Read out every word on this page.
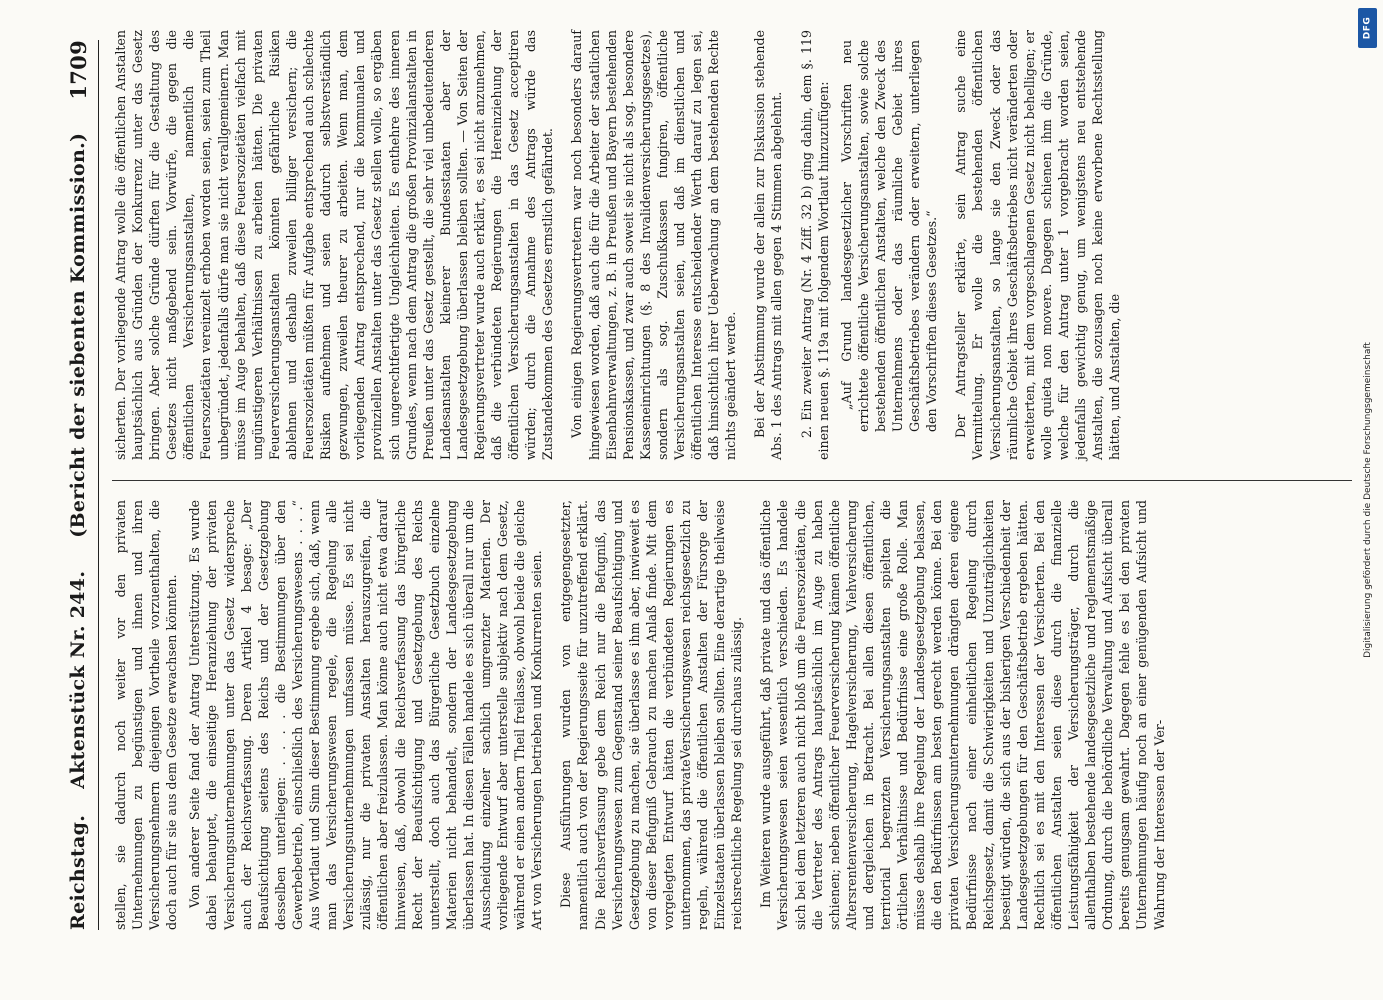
Reichstag.Aktenstück Nr. 244.
(Bericht der siebenten Kommission.)
1709

stellen, sie dadurch noch weiter vor den privaten Unternehmungen zu begünstigen und ihnen und ihren Versicherungsnehmern diejenigen Vortheile vorzuenthalten, die doch auch für sie aus dem Gesetze erwachsen könnten. Von anderer Seite fand der Antrag Unterstützung. Es wurde dabei behauptet, die einseitige Heranziehung der privaten Versicherungsunternehmungen unter das Gesetz widerspreche auch der Reichsverfassung. Deren Artikel 4 besage: „Der Beaufsichtigung seitens des Reichs und der Gesetzgebung desselben unterliegen: . . . . die Bestimmungen über den Gewerbebetrieb, einschließlich des Versicherungswesens . . . .“ Aus Wortlaut und Sinn dieser Bestimmung ergebe sich, daß, wenn man das Versicherungswesen regele, die Regelung alle Versicherungsunternehmungen umfassen müsse. Es sei nicht zulässig, nur die privaten Anstalten herauszugreifen, die öffentlichen aber freizulassen. Man könne auch nicht etwa darauf hinweisen, daß, obwohl die Reichsverfassung das bürgerliche Recht der Beaufsichtigung und Gesetzgebung des Reichs unterstellt, doch auch das Bürgerliche Gesetzbuch einzelne Materien nicht behandelt, sondern der Landesgesetzgebung überlassen hat. In diesen Fällen handele es sich überall nur um die Ausscheidung einzelner sachlich umgrenzter Materien. Der vorliegende Entwurf aber unterstelle subjektiv nach dem Gesetz, während er einen andern Theil freilasse, obwohl beide die gleiche Art von Versicherungen betrieben und Konkurrenten seien. Diese Ausführungen wurden von entgegengesetzter, namentlich auch von der Regierungsseite für unzutreffend erklärt. Die Reichsverfassung gebe dem Reich nur die Befugniß, das Versicherungswesen zum Gegenstand seiner Beaufsichtigung und Gesetzgebung zu machen, sie überlasse es ihm aber, inwieweit es von dieser Befugniß Gebrauch zu machen Anlaß finde. Mit dem vorgelegten Entwurf hätten die verbündeten Regierungen es unternommen, das privateVersicherungswesen reichsgesetzlich zu regeln, während die öffentlichen Anstalten der Fürsorge der Einzelstaaten überlassen bleiben sollten. Eine derartige theilweise reichsrechtliche Regelung sei durchaus zulässig. Im Weiteren wurde ausgeführt, daß private und das öffentliche Versicherungswesen seien wesentlich verschieden. Es handele sich bei dem letzteren auch nicht bloß um die Feuersozietäten, die die Vertreter des Antrags hauptsächlich im Auge zu haben schienen; neben öffentlicher Feuerversicherung kämen öffentliche Altersrentenversicherung, Hagelversicherung, Viehversicherung und dergleichen in Betracht. Bei allen diesen öffentlichen, territorial begrenzten Versicherungsanstalten spielten die örtlichen Verhältnisse und Bedürfnisse eine große Rolle. Man müsse deshalb ihre Regelung der Landesgesetzgebung belassen, die den Bedürfnissen am besten gerecht werden könne. Bei den privaten Versicherungsunternehmungen drängten deren eigene Bedürfnisse nach einer einheitlichen Regelung durch Reichsgesetz, damit die Schwierigkeiten und Unzuträglichkeiten beseitigt würden, die sich aus der bisherigen Verschiedenheit der Landesgesetzgebungen für den Geschäftsbetrieb ergeben hätten. Rechtlich sei es mit den Interessen der Versicherten. Bei den öffentlichen Anstalten seien diese durch die finanzielle Leistungsfähigkeit der Versicherungsträger, durch die allenthalben bestehende landesgesetzliche und reglementsmäßige Ordnung, durch die behördliche Verwaltung und Aufsicht überall bereits genugsam gewahrt. Dagegen fehle es bei den privaten Unternehmungen häufig noch an einer genügenden Aufsicht und Wahrung der Interessen der Ver-

sicherten. Der vorliegende Antrag wolle die öffentlichen Anstalten hauptsächlich aus Gründen der Konkurrenz unter das Gesetz bringen. Aber solche Gründe dürften für die Gestaltung des Gesetzes nicht maßgebend sein. Vorwürfe, die gegen die öffentlichen Versicherungsanstalten, namentlich die Feuersozietäten vereinzelt erhoben worden seien, seien zum Theil unbegründet, jedenfalls dürfe man sie nicht verallgemeinern. Man müsse im Auge behalten, daß diese Feuersozietäten vielfach mit ungünstigeren Verhältnissen zu arbeiten hätten. Die privaten Feuerversicherungsanstalten könnten gefährliche Risiken ablehnen und deshalb zuweilen billiger versichern; die Feuersozietäten müßten für Aufgabe entsprechend auch schlechte Risiken aufnehmen und seien dadurch selbstverständlich gezwungen, zuweilen theurer zu arbeiten. Wenn man, dem vorliegenden Antrag entsprechend, nur die kommunalen und provinziellen Anstalten unter das Gesetz stellen wolle, so ergäben sich ungerechtfertigte Ungleichheiten. Es enthehre des inneren Grundes, wenn nach dem Antrag die großen Provinzialanstalten in Preußen unter das Gesetz gestellt, die sehr viel unbedeutenderen Landesanstalten kleinerer Bundesstaaten aber der Landesgesetzgebung überlassen bleiben sollten. — Von Seiten der Regierungsvertreter wurde auch erklärt, es sei nicht anzunehmen, daß die verbündeten Regierungen die Hereinziehung der öffentlichen Versicherungsanstalten in das Gesetz acceptiren würden; durch die Annahme des Antrags würde das Zustandekommen des Gesetzes ernstlich gefährdet. Von einigen Regierungsvertretern war noch besonders darauf hingewiesen worden, daß auch die für die Arbeiter der staatlichen Eisenbahnverwaltungen, z. B. in Preußen und Bayern bestehenden Pensionskassen, und zwar auch soweit sie nicht als sog. besondere Kasseneinrichtungen (§. 8 des Invalidenversicherungsgesetzes), sondern als sog. Zuschußkassen fungiren, öffentliche Versicherungsanstalten seien, und daß im dienstlichen und öffentlichen Interesse entscheidender Werth darauf zu legen sei, daß hinsichtlich ihrer Ueberwachung an dem bestehenden Rechte nichts geändert werde. Bei der Abstimmung wurde der allein zur Diskussion stehende Abs. 1 des Antrags mit allen gegen 4 Stimmen abgelehnt. 2. Ein zweiter Antrag (Nr. 4 Ziff. 32 b) ging dahin, dem §. 119 einen neuen §. 119a mit folgendem Wortlaut hinzuzufügen: „Auf Grund landesgesetzlicher Vorschriften neu errichtete öffentliche Versicherungsanstalten, sowie solche bestehenden öffentlichen Anstalten, welche den Zweck des Unternehmens oder das räumliche Gebiet ihres Geschäftsbetriebes verändern oder erweitern, unterliegen den Vorschriften dieses Gesetzes.“ Der Antragsteller erklärte, sein Antrag suche eine Vermittelung. Er wolle die bestehenden öffentlichen Versicherungsanstalten, so lange sie den Zweck oder das räumliche Gebiet ihres Geschäftsbetriebes nicht veränderten oder erweiterten, mit dem vorgeschlagenen Gesetz nicht behelligen; er wolle quieta non movere. Dagegen schienen ihm die Gründe, welche für den Antrag unter 1 vorgebracht worden seien, jedenfalls gewichtig genug, um wenigstens neu entstehende Anstalten, die sozusagen noch keine erworbene Rechtsstellung hätten, und Anstalten, die

DFG
Digitalisierung gefördert durch die Deutsche Forschungsgemeinschaft
